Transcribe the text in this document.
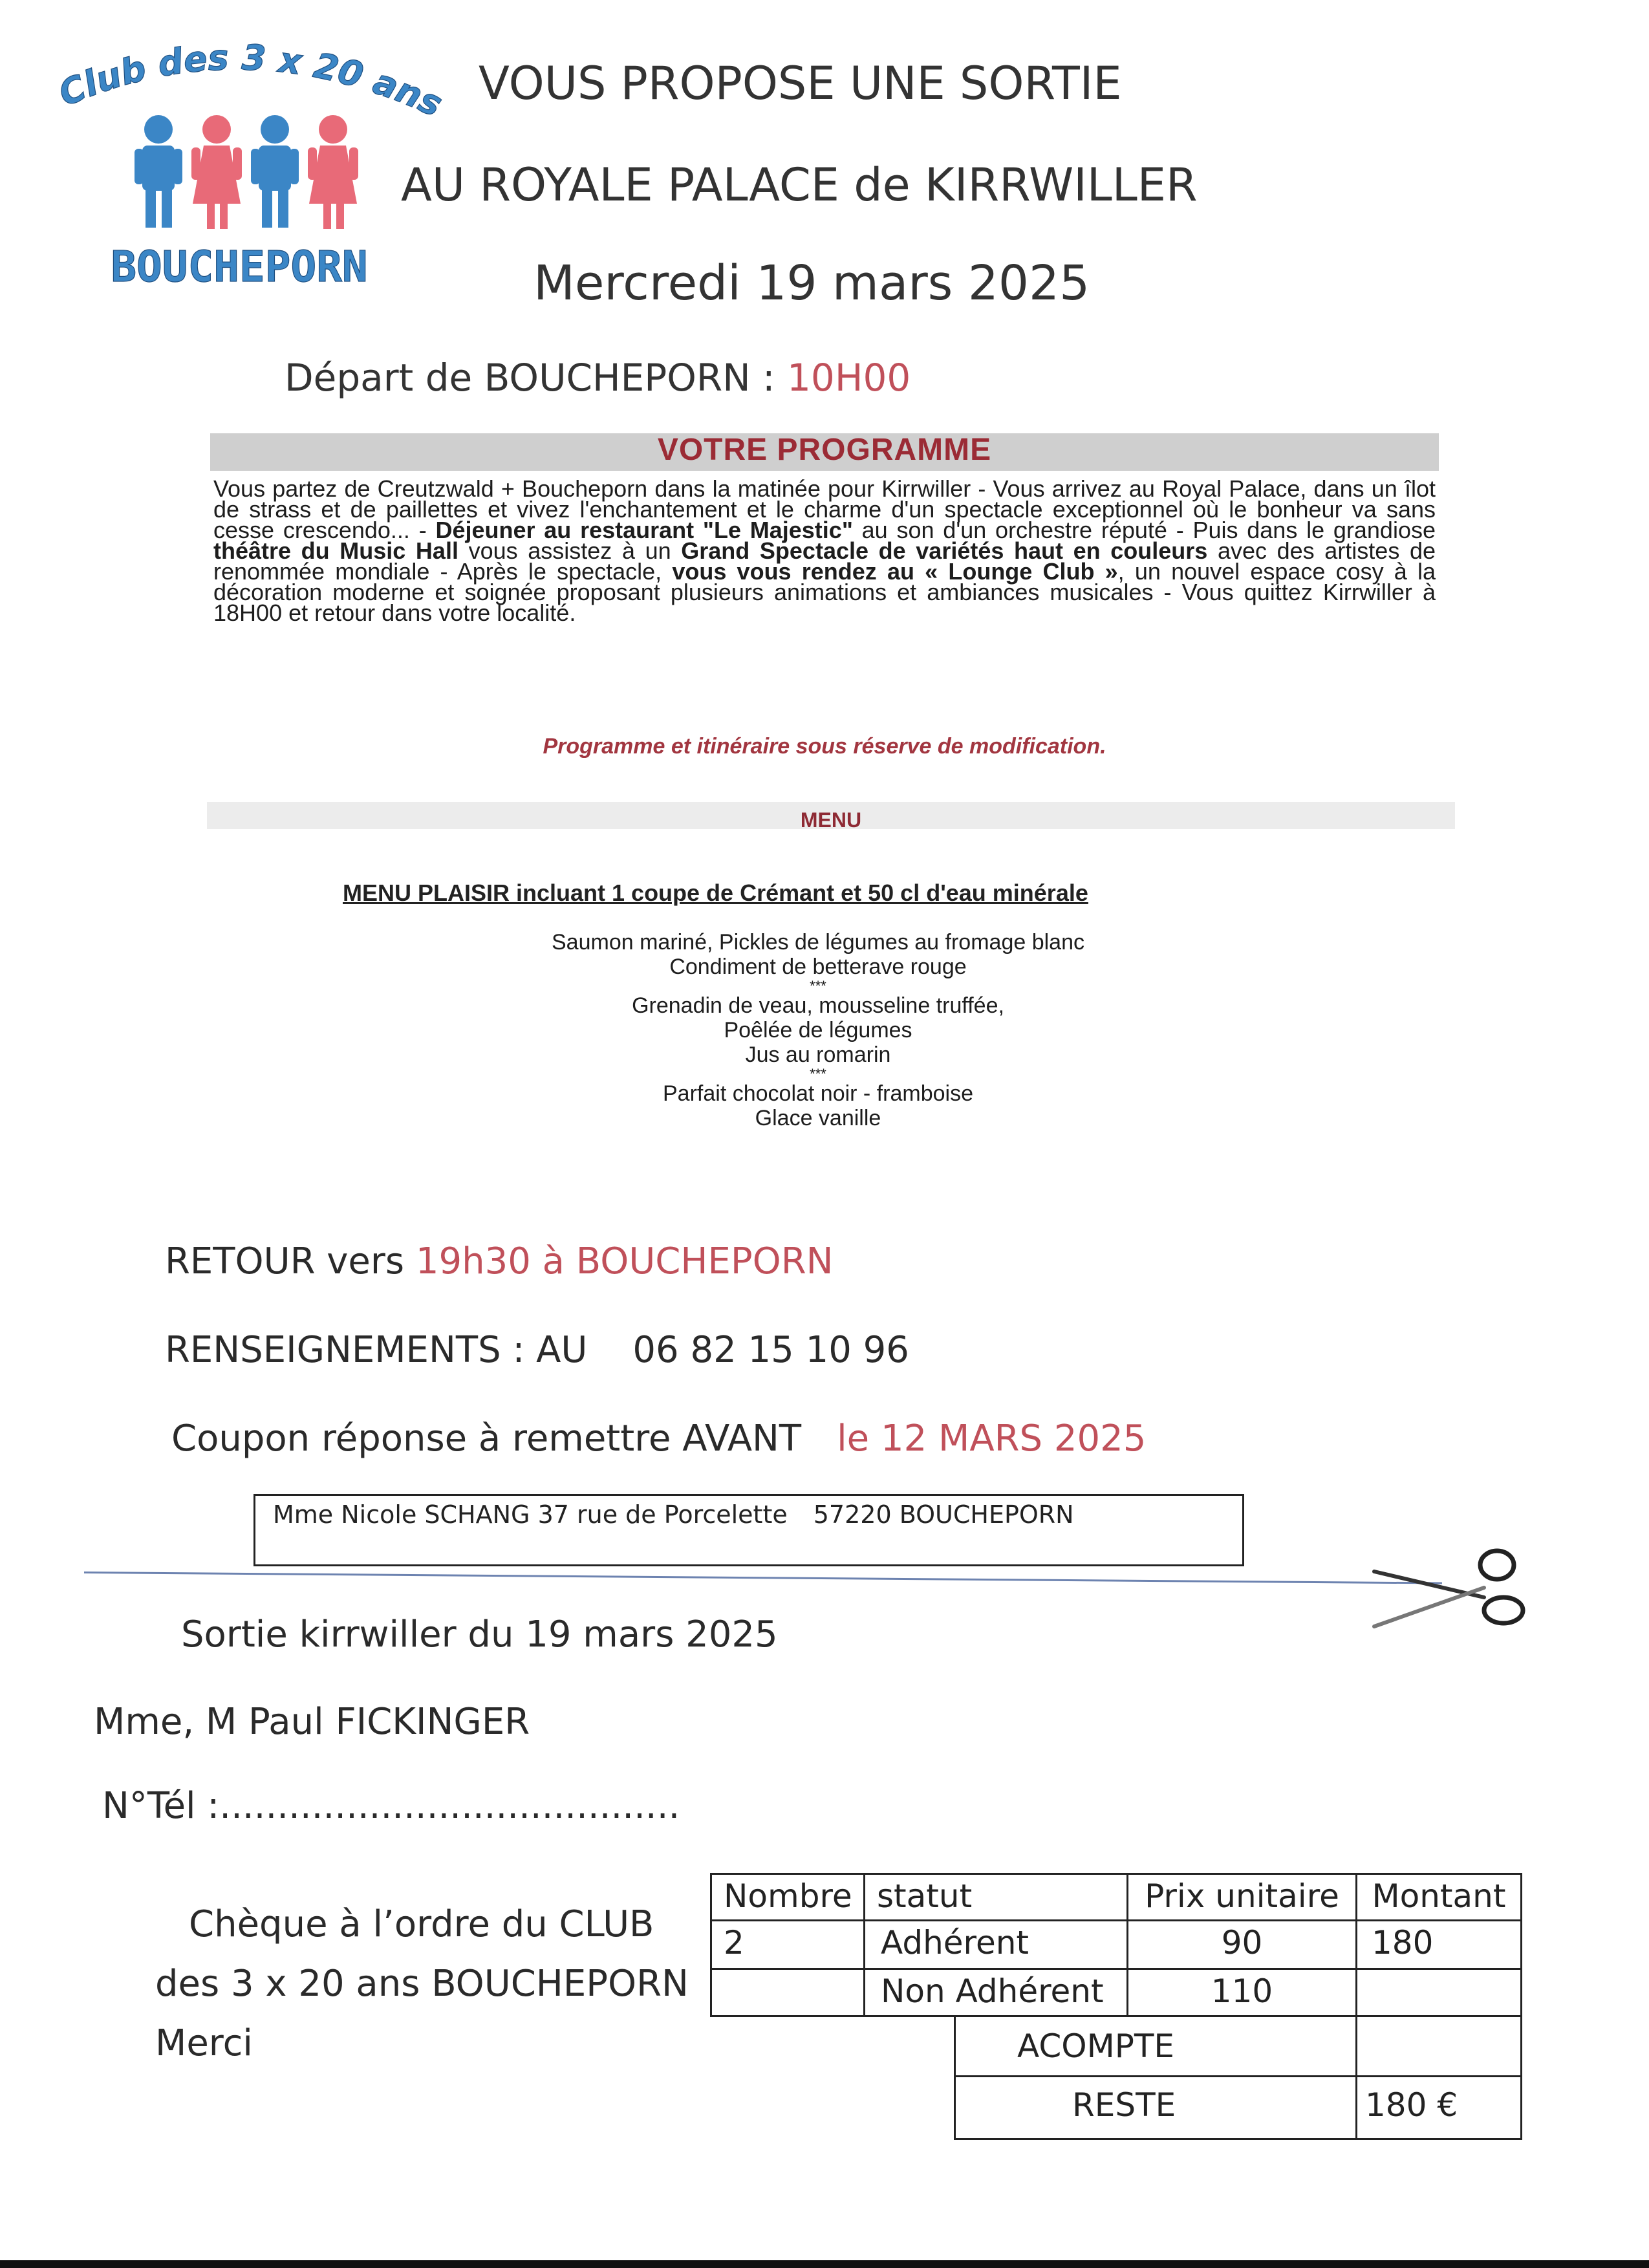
Club des 3 x 20 ans
BOUCHEPORN
VOUS PROPOSE UNE SORTIE
AU ROYALE PALACE de KIRRWILLER
Mercredi 19 mars 2025
Départ de BOUCHEPORN : 10H00
VOTRE PROGRAMME
Vous partez de Creutzwald + Boucheporn dans la matinée pour Kirrwiller - Vous arrivez au Royal Palace, dans un îlot de strass et de paillettes et vivez l'enchantement et le charme d'un spectacle exceptionnel où le bonheur va sans cesse crescendo... - Déjeuner au restaurant "Le Majestic" au son d'un orchestre réputé - Puis dans le grandiose théâtre du Music Hall vous assistez à un Grand Spectacle de variétés haut en couleurs avec des artistes de renommée mondiale - Après le spectacle, vous vous rendez au « Lounge Club », un nouvel espace cosy à la décoration moderne et soignée proposant plusieurs animations et ambiances musicales - Vous quittez Kirrwiller à 18H00 et retour dans votre localité.
Programme et itinéraire sous réserve de modification.
MENU
MENU PLAISIR incluant 1 coupe de Crémant et 50 cl d'eau minérale
Saumon mariné, Pickles de légumes au fromage blanc
Condiment de betterave rouge
***
Grenadin de veau, mousseline truffée,
Poêlée de légumes
Jus au romarin
***
Parfait chocolat noir - framboise
Glace vanille
RETOUR vers 19h30 à BOUCHEPORN
RENSEIGNEMENTS : AU 06 82 15 10 96
Coupon réponse à remettre AVANT le 12 MARS 2025
Mme Nicole SCHANG 37 rue de Porcelette 57220 BOUCHEPORN
Sortie kirrwiller du 19 mars 2025
Mme, M Paul FICKINGER
N°Tél :........................................
Chèque à l’ordre du CLUB
des 3 x 20 ans BOUCHEPORN
Merci
Nombre statut	Prix unitaire	Montant
2	Adhérent	90	180
Non Adhérent	110
ACOMPTE
RESTE	180 €
